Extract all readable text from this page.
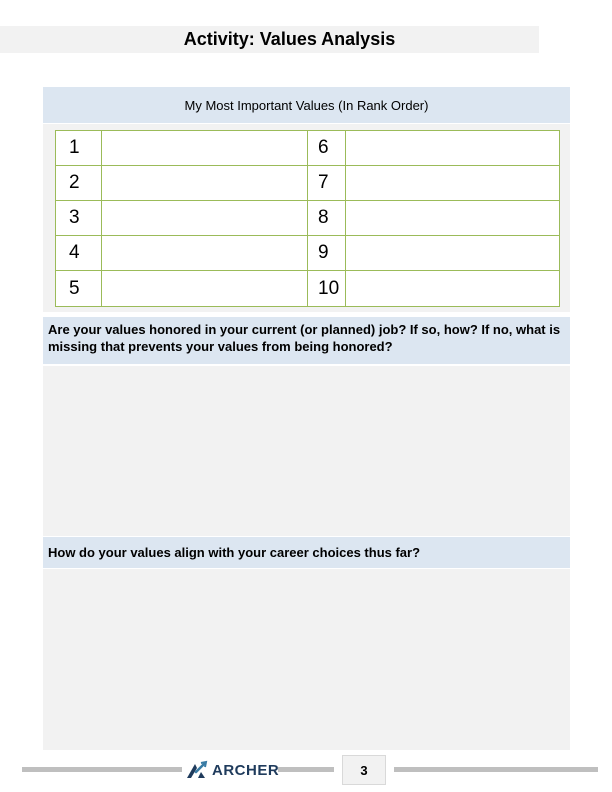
Activity: Values Analysis
My Most Important Values (In Rank Order)
1	6
2	7
3	8
4	9
5	10
Are your values honored in your current (or planned) job? If so, how? If no, what is missing that prevents your values from being honored?
How do your values align with your career choices thus far?
ARCHER	3
